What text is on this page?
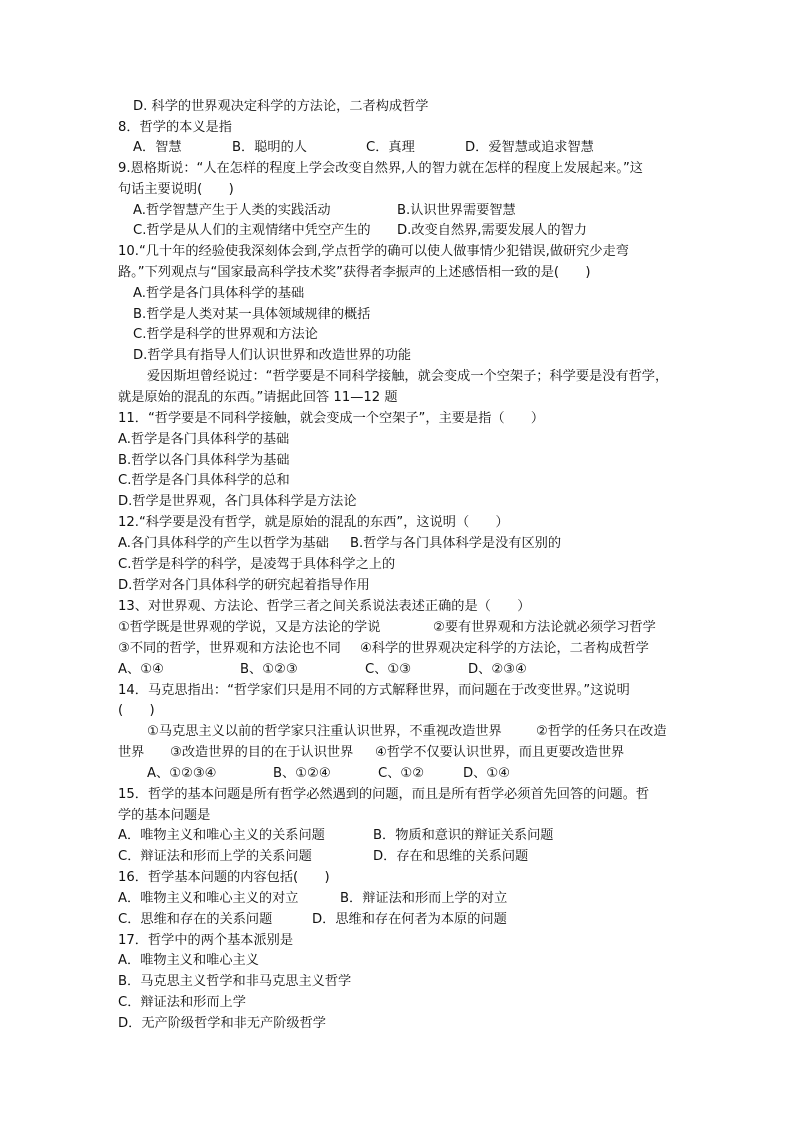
D. 科学的世界观决定科学的方法论，二者构成哲学
8．哲学的本义是指
A．智慧	B．聪明的人	C．真理	D．爱智慧或追求智慧
9.恩格斯说：“人在怎样的程度上学会改变自然界,人的智力就在怎样的程度上发展起来。”这
句话主要说明(　　)
A.哲学智慧产生于人类的实践活动	B.认识世界需要智慧
C.哲学是从人们的主观情绪中凭空产生的 D.改变自然界,需要发展人的智力
10.“几十年的经验使我深刻体会到,学点哲学的确可以使人做事情少犯错误,做研究少走弯
路。”下列观点与“国家最高科学技术奖”获得者李振声的上述感悟相一致的是(　　)
A.哲学是各门具体科学的基础
B.哲学是人类对某一具体领域规律的概括
C.哲学是科学的世界观和方法论
D.哲学具有指导人们认识世界和改造世界的功能
爱因斯坦曾经说过：“哲学要是不同科学接触，就会变成一个空架子；科学要是没有哲学，
就是原始的混乱的东西。”请据此回答 11—12 题
11．“哲学要是不同科学接触，就会变成一个空架子”，主要是指（　　）
A.哲学是各门具体科学的基础
B.哲学以各门具体科学为基础
C.哲学是各门具体科学的总和
D.哲学是世界观，各门具体科学是方法论
12.“科学要是没有哲学，就是原始的混乱的东西”，这说明（　　）
A.各门具体科学的产生以哲学为基础 B.哲学与各门具体科学是没有区别的
C.哲学是科学的科学，是凌驾于具体科学之上的
D.哲学对各门具体科学的研究起着指导作用
13、对世界观、方法论、哲学三者之间关系说法表述正确的是（　　）
①哲学既是世界观的学说，又是方法论的学说	②要有世界观和方法论就必须学习哲学
③不同的哲学，世界观和方法论也不同 ④科学的世界观决定科学的方法论，二者构成哲学
A、①④	B、①②③	C、①③	D、②③④
14．马克思指出：“哲学家们只是用不同的方式解释世界，而问题在于改变世界。”这说明
(　　)
①马克思主义以前的哲学家只注重认识世界，不重视改造世界	②哲学的任务只在改造
世界 ③改造世界的目的在于认识世界 ④哲学不仅要认识世界，而且更要改造世界
A、①②③④	B、①②④	C、①②	D、①④
15．哲学的基本问题是所有哲学必然遇到的问题，而且是所有哲学必须首先回答的问题。哲
学的基本问题是
A．唯物主义和唯心主义的关系问题	B．物质和意识的辩证关系问题
C．辩证法和形而上学的关系问题	D．存在和思维的关系问题
16．哲学基本问题的内容包括(　　)
A．唯物主义和唯心主义的对立	B．辩证法和形而上学的对立
C．思维和存在的关系问题	D．思维和存在何者为本原的问题
17．哲学中的两个基本派别是
A．唯物主义和唯心主义
B．马克思主义哲学和非马克思主义哲学
C．辩证法和形而上学
D．无产阶级哲学和非无产阶级哲学
